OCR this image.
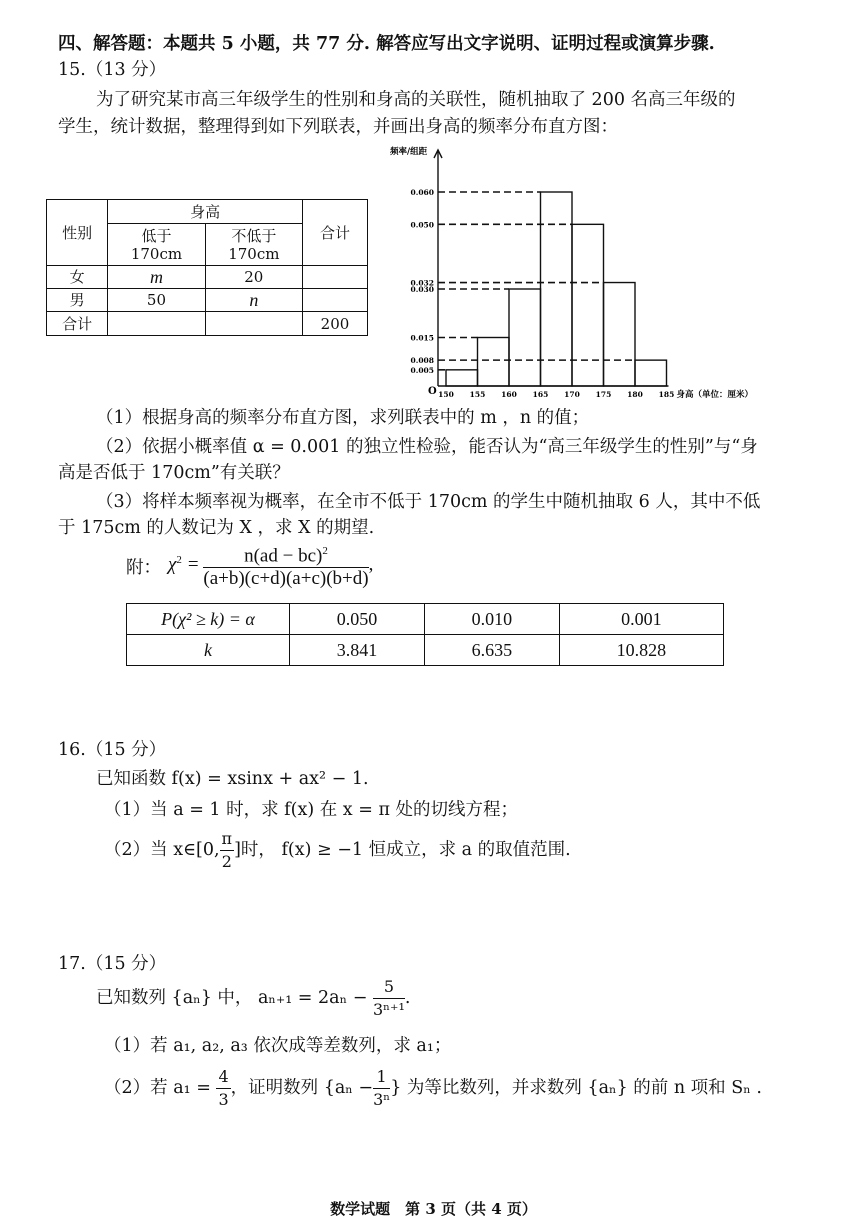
四、解答题：本题共 5 小题，共 77 分. 解答应写出文字说明、证明过程或演算步骤.
15.（13 分）
为了研究某市高三年级学生的性别和身高的关联性，随机抽取了 200 名高三年级的
学生，统计数据，整理得到如下列联表，并画出身高的频率分布直方图：
性别	身高		合计
	低于 170cm	不低于 170cm	
女	m	20	
男	50	n	
合计			200
0.005
0.008
0.015
0.030
0.032
0.050
0.060
150 155 160 165 170 175 180 185
O
频率/组距
身高（单位：厘米）
（1）根据身高的频率分布直方图，求列联表中的 m ，n 的值；
（2）依据小概率值 α = 0.001 的独立性检验，能否认为“高三年级学生的性别”与“身
高是否低于 170cm”有关联？
（3）将样本频率视为概率，在全市不低于 170cm 的学生中随机抽取 6 人，其中不低
于 175cm 的人数记为 X ，求 X 的期望.
附： $\chi^2 = \frac{n(ad - bc)^2}{(a+b)(c+d)(a+c)(b+d)}$ ,
P(χ² ≥ k) = α	0.050	0.010	0.001
k	3.841	6.635	10.828
16.（15 分）
已知函数 f(x) = xsinx + ax² − 1.
（1）当 a = 1 时，求 f(x) 在 x = π 处的切线方程；
（2）当 x∈[0, $\frac{\pi}{2}$ ]时， f(x) ≥ −1 恒成立，求 a 的取值范围.
17.（15 分）
已知数列 {aₙ} 中， $a_{n+1} = 2a_n - \frac{5}{\text{3ⁿ⁺¹}}$ .
（1）若 a₁, a₂, a₃ 依次成等差数列，求 a₁；
（2）若 $a_1 = \frac{4}{3}$ ，证明数列 {$a_n - \frac{1}{\text{3ⁿ}}$ } 为等比数列，并求数列 {aₙ} 的前 n 项和 Sₙ .
数学试题　第 3 页（共 4 页）
